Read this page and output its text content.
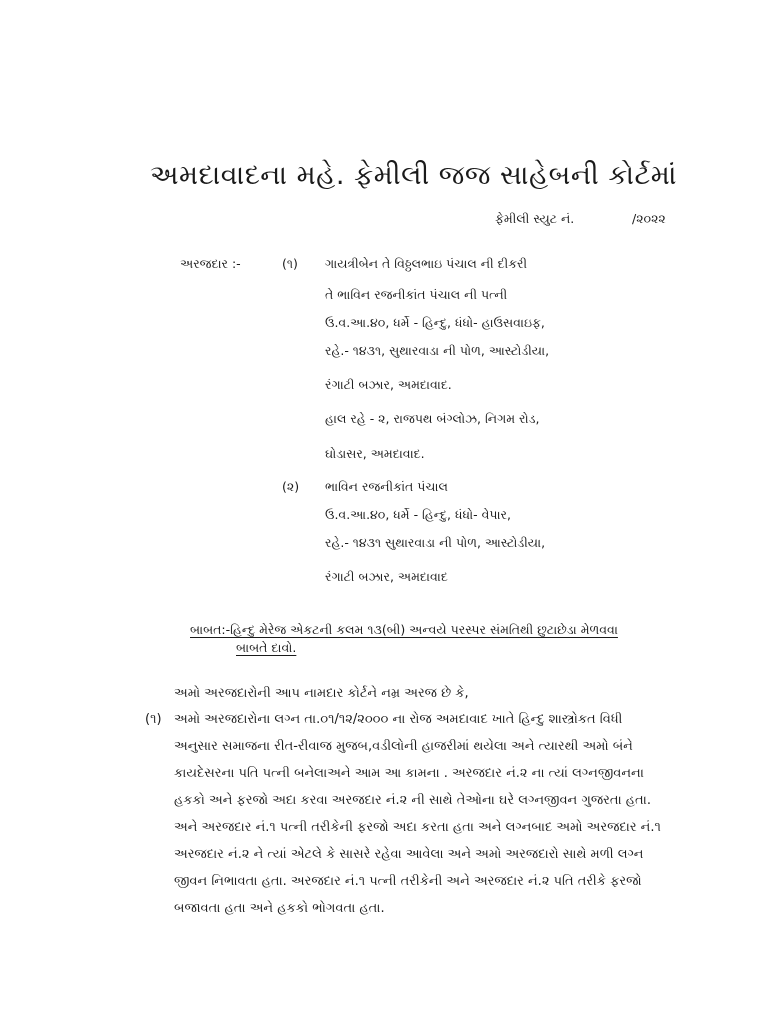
અમદાવાદના મહે. ફેમીલી જજ સાહેબની કોર્ટમાં
ફેમીલી સ્યુટ નં.	/૨૦૨૨
અરજદાર :-	(૧) ગાયત્રીબેન તે વિઠ્ઠલભાઇ પંચાલ ની દીકરી
તે ભાવિન રજનીકાંત પંચાલ ની પત્ની
ઉ.વ.આ.૪૦, ધર્મે - હિન્દુ, ધંધો- હાઉસવાઇફ,
રહે.- ૧૪૩૧, સુથારવાડા ની પોળ, આસ્ટોડીયા,
રંગાટી બઝાર, અમદાવાદ.
હાલ રહે - ૨, રાજપથ બંગ્લોઝ, નિગમ રોડ,
ઘોડાસર, અમદાવાદ.
(૨) ભાવિન રજનીકાંત પંચાલ
ઉ.વ.આ.૪૦, ધર્મે - હિન્દુ, ધંધો- વેપાર,
રહે.- ૧૪૩૧ સુથારવાડા ની પોળ, આસ્ટોડીયા,
રંગાટી બઝાર, અમદાવાદ
બાબત:-હિન્દુ મેરેજ એકટની કલમ ૧૩(બી) અન્વયે પરસ્પર સંમતિથી છુટાછેડા મેળવવા
બાબતે દાવો.
અમો અરજદારોની આપ નામદાર કોર્ટને નમ્ર અરજ છે કે,
(૧) અમો અરજદારોના લગ્ન તા.૦૧/૧૨/૨૦૦૦ ના રોજ અમદાવાદ ખાતે હિન્દુ શાસ્ત્રોકત વિધી
અનુસાર સમાજના રીત-રીવાજ મુજબ,વડીલોની હાજરીમાં થયેલા અને ત્યારથી અમો બંને
કાયદેસરના પતિ પત્ની બનેલાઅને આમ આ કામના . અરજદાર નં.૨ ના ત્યાં લગ્નજીવનના
હકકો અને ફરજો અદા કરવા અરજદાર નં.૨ ની સાથે તેઓના ઘરે લગ્નજીવન ગુજરતા હતા.
અને અરજદાર નં.૧ પત્ની તરીકેની ફરજો અદા કરતા હતા અને લગ્નબાદ અમો અરજદાર નં.૧
અરજદાર નં.૨ ને ત્યાં એટલે કે સાસરે રહેવા આવેલા અને અમો અરજદારો સાથે મળી લગ્ન
જીવન નિભાવતા હતા. અરજદાર નં.૧ પત્ની તરીકેની અને અરજદાર નં.૨ પતિ તરીકે ફરજો
બજાવતા હતા અને હકકો ભોગવતા હતા.
